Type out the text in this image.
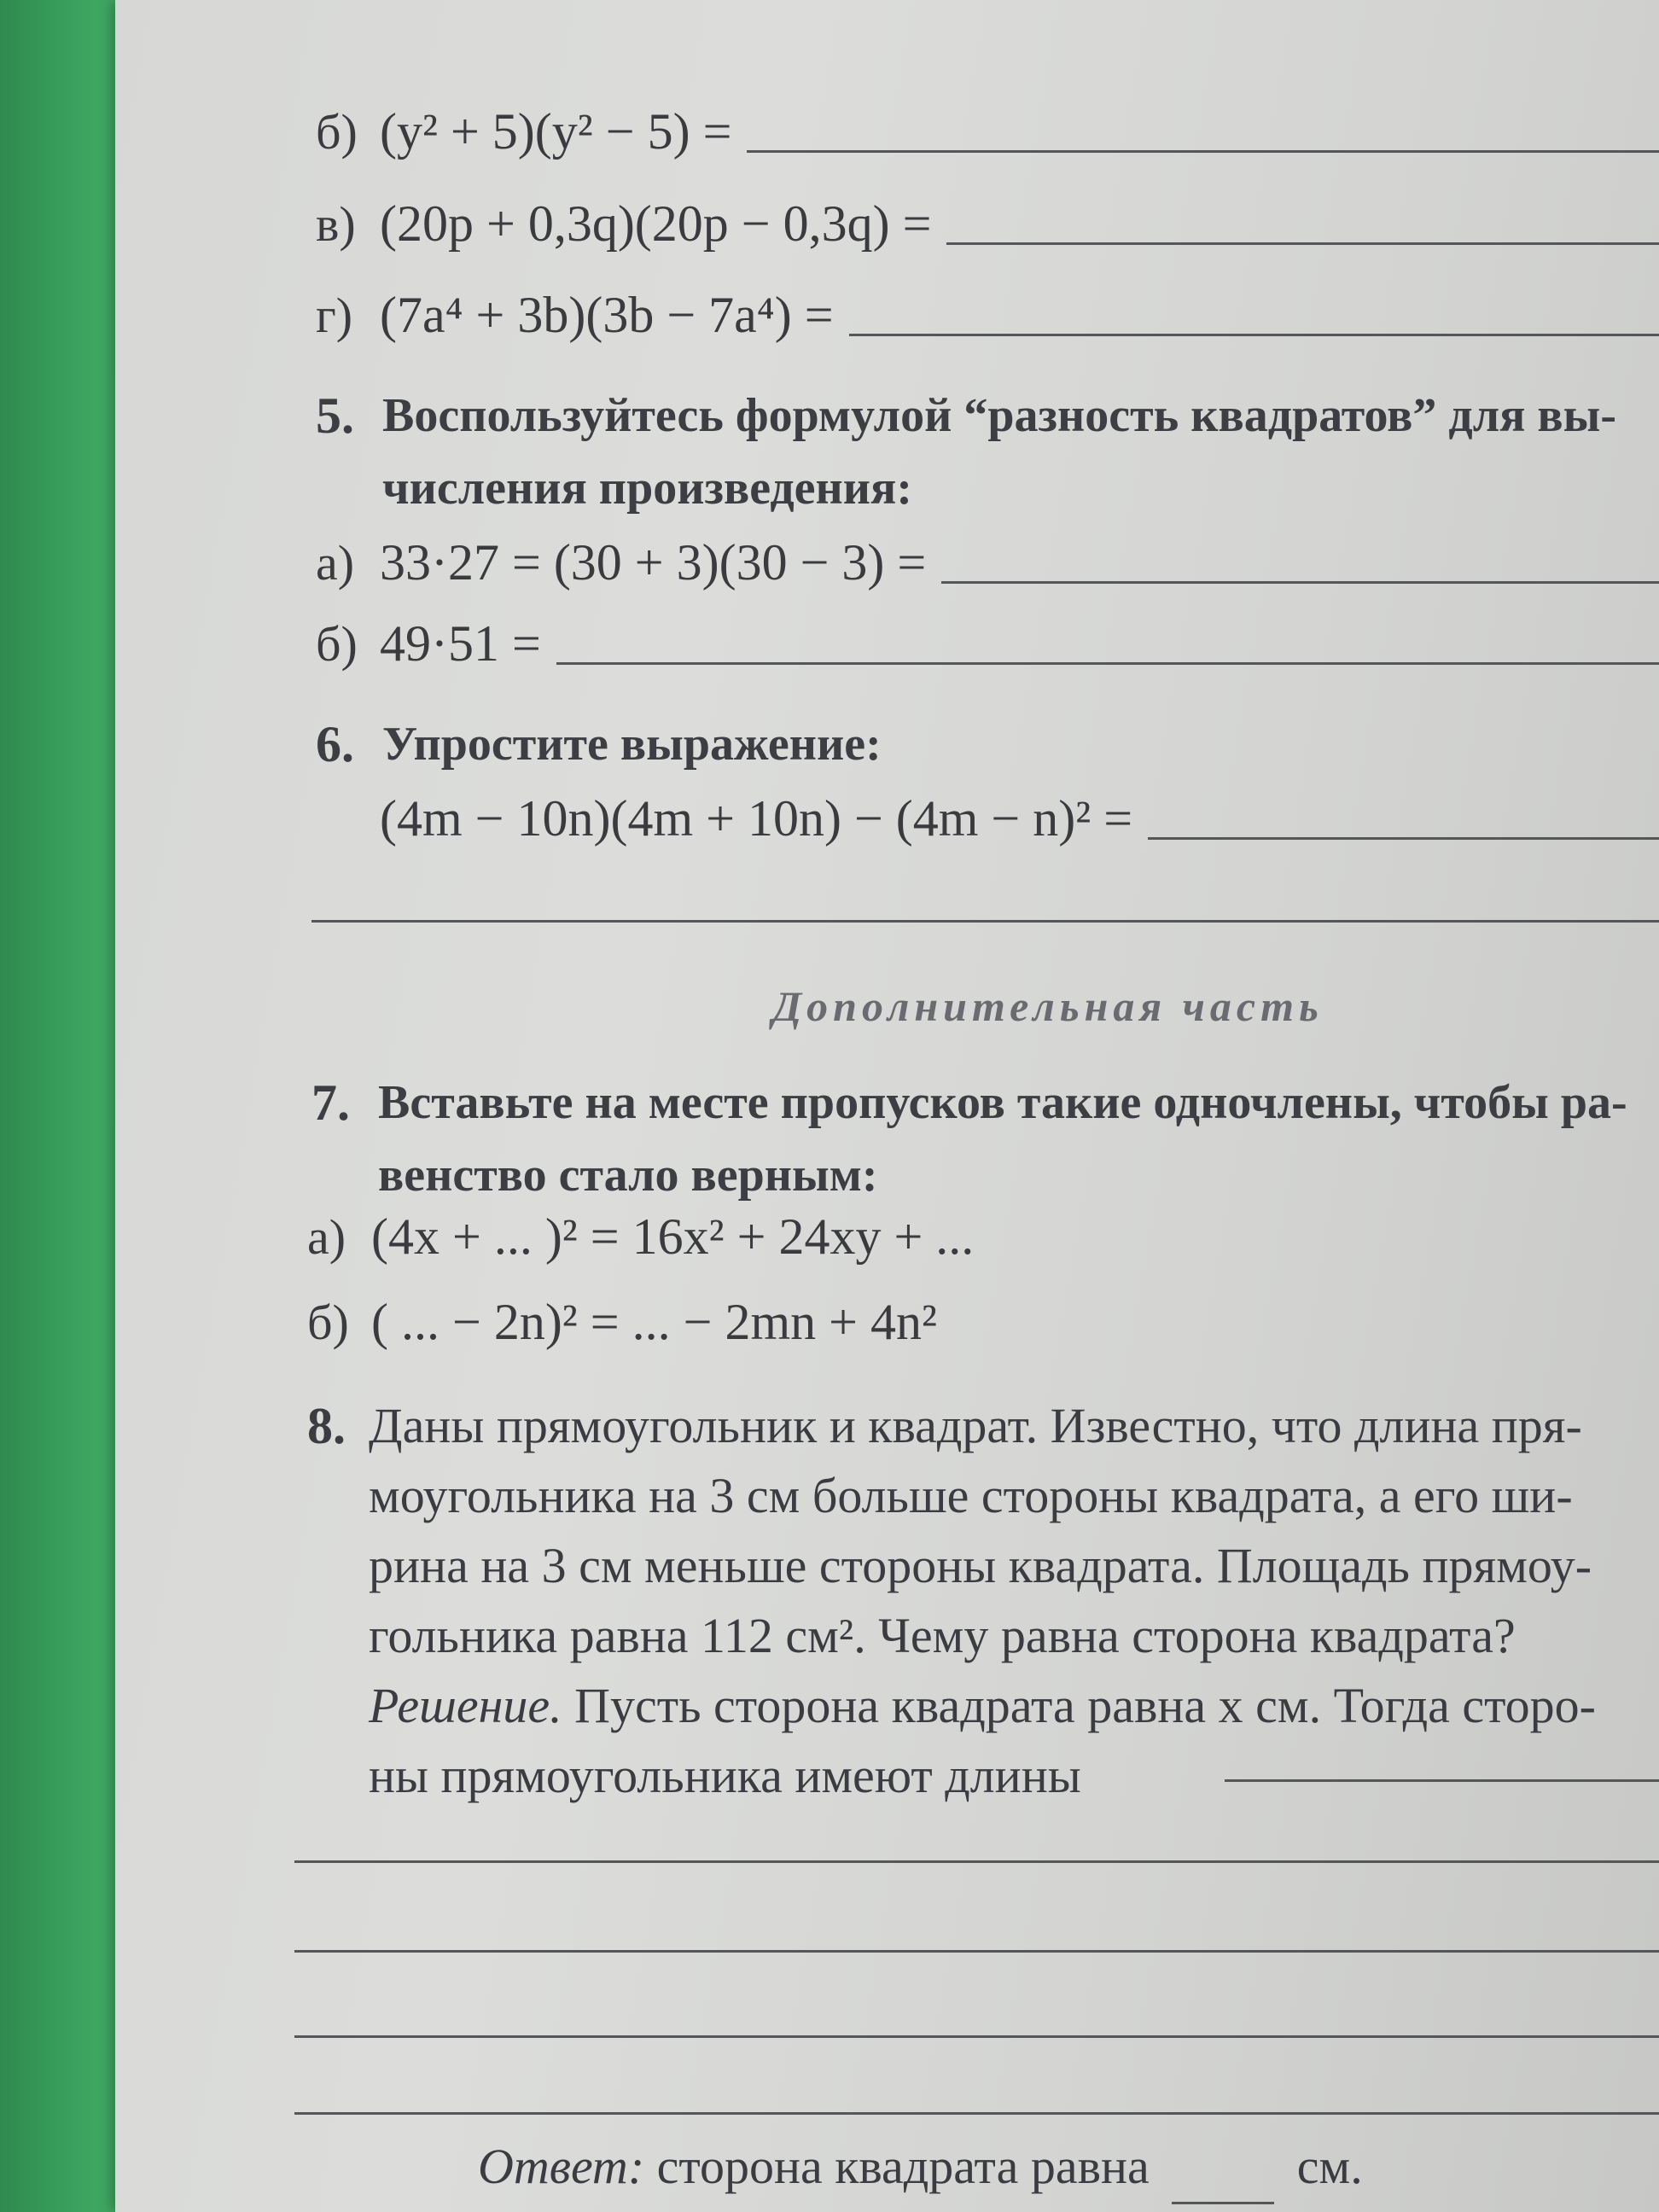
б) (y² + 5)(y² − 5) =
в) (20p + 0,3q)(20p − 0,3q) =
г) (7a⁴ + 3b)(3b − 7a⁴) =
5. Воспользуйтесь формулой “разность квадратов” для вы-
числения произведения:
а) 33·27 = (30 + 3)(30 − 3) =
б) 49·51 =
6. Упростите выражение:
(4m − 10n)(4m + 10n) − (4m − n)² =
Дополнительная часть
7. Вставьте на месте пропусков такие одночлены, чтобы ра-
венство стало верным:
а) (4x + ... )² = 16x² + 24xy + ...
б) ( ... − 2n)² = ... − 2mn + 4n²
8. Даны прямоугольник и квадрат. Известно, что длина пря-
моугольника на 3 см больше стороны квадрата, а его ши-
рина на 3 см меньше стороны квадрата. Площадь прямоу-
гольника равна 112 см². Чему равна сторона квадрата?
Решение. Пусть сторона квадрата равна x см. Тогда сторо-
ны прямоугольника имеют длины
Ответ: сторона квадрата равна	см.
